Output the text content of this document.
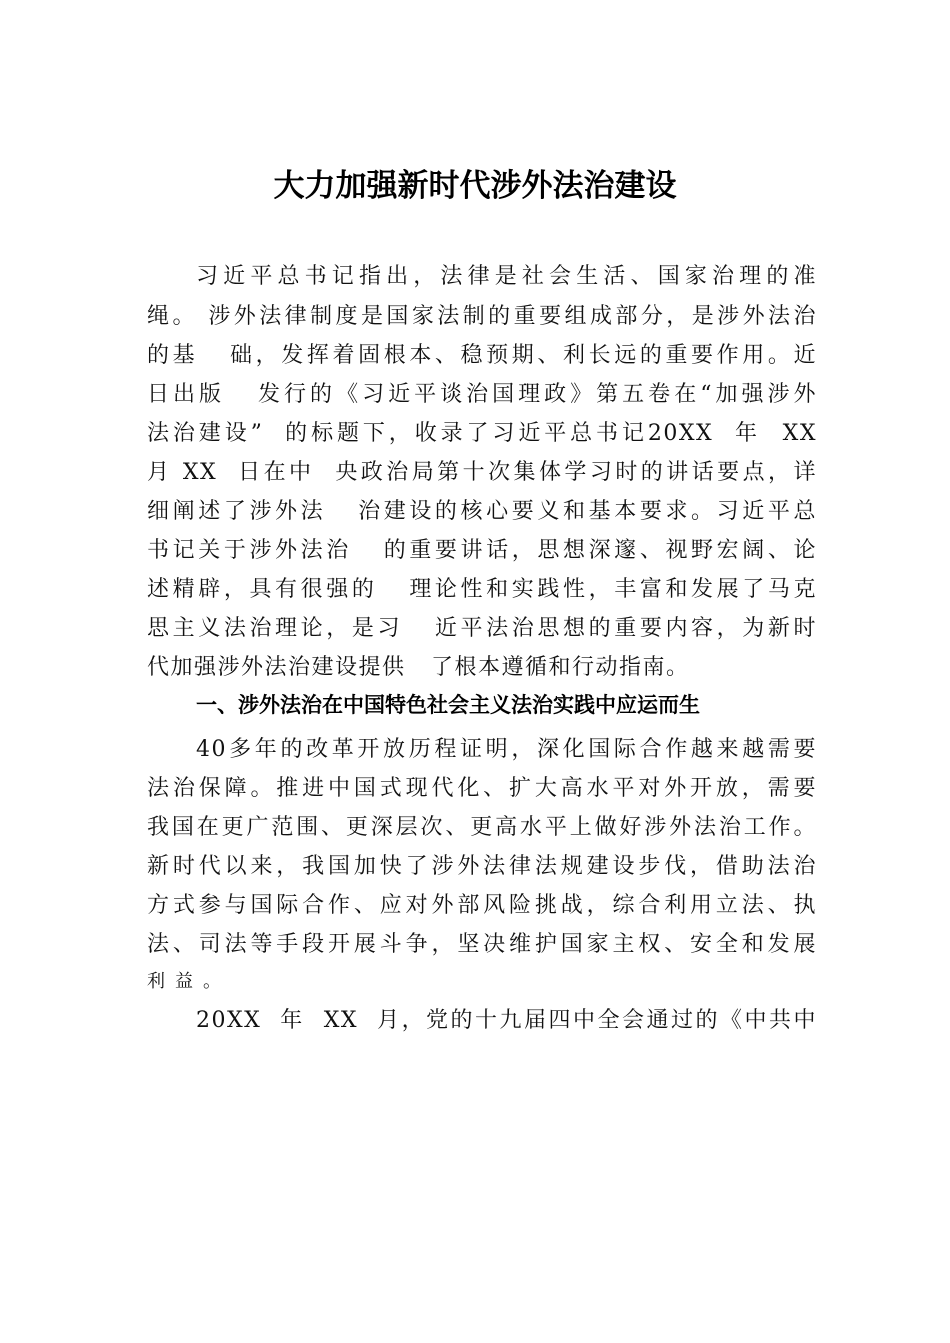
大力加强新时代涉外法治建设

习近平总书记指出，法律是社会生活、国家治理的准

绳。 涉外法律制度是国家法制的重要组成部分，是涉外法治

的基   础，发挥着固根本、稳预期、利长远的重要作用。近

日出版   发行的《习近平谈治国理政》第五卷在“加强涉外

法治建设”  的标题下，收录了习近平总书记20XX  年  XX

月 XX  日在中  央政治局第十次集体学习时的讲话要点，详

细阐述了涉外法   治建设的核心要义和基本要求。习近平总

书记关于涉外法治   的重要讲话，思想深邃、视野宏阔、论

述精辟，具有很强的   理论性和实践性，丰富和发展了马克

思主义法治理论，是习   近平法治思想的重要内容，为新时

代加强涉外法治建设提供   了根本遵循和行动指南。

一、涉外法治在中国特色社会主义法治实践中应运而生

40多年的改革开放历程证明，深化国际合作越来越需要

法治保障。推进中国式现代化、扩大高水平对外开放，需要

我国在更广范围、更深层次、更高水平上做好涉外法治工作。

新时代以来，我国加快了涉外法律法规建设步伐，借助法治

方式参与国际合作、应对外部风险挑战，综合利用立法、执

法、司法等手段开展斗争，坚决维护国家主权、安全和发展

利益。

20XX  年  XX  月，党的十九届四中全会通过的《中共中
